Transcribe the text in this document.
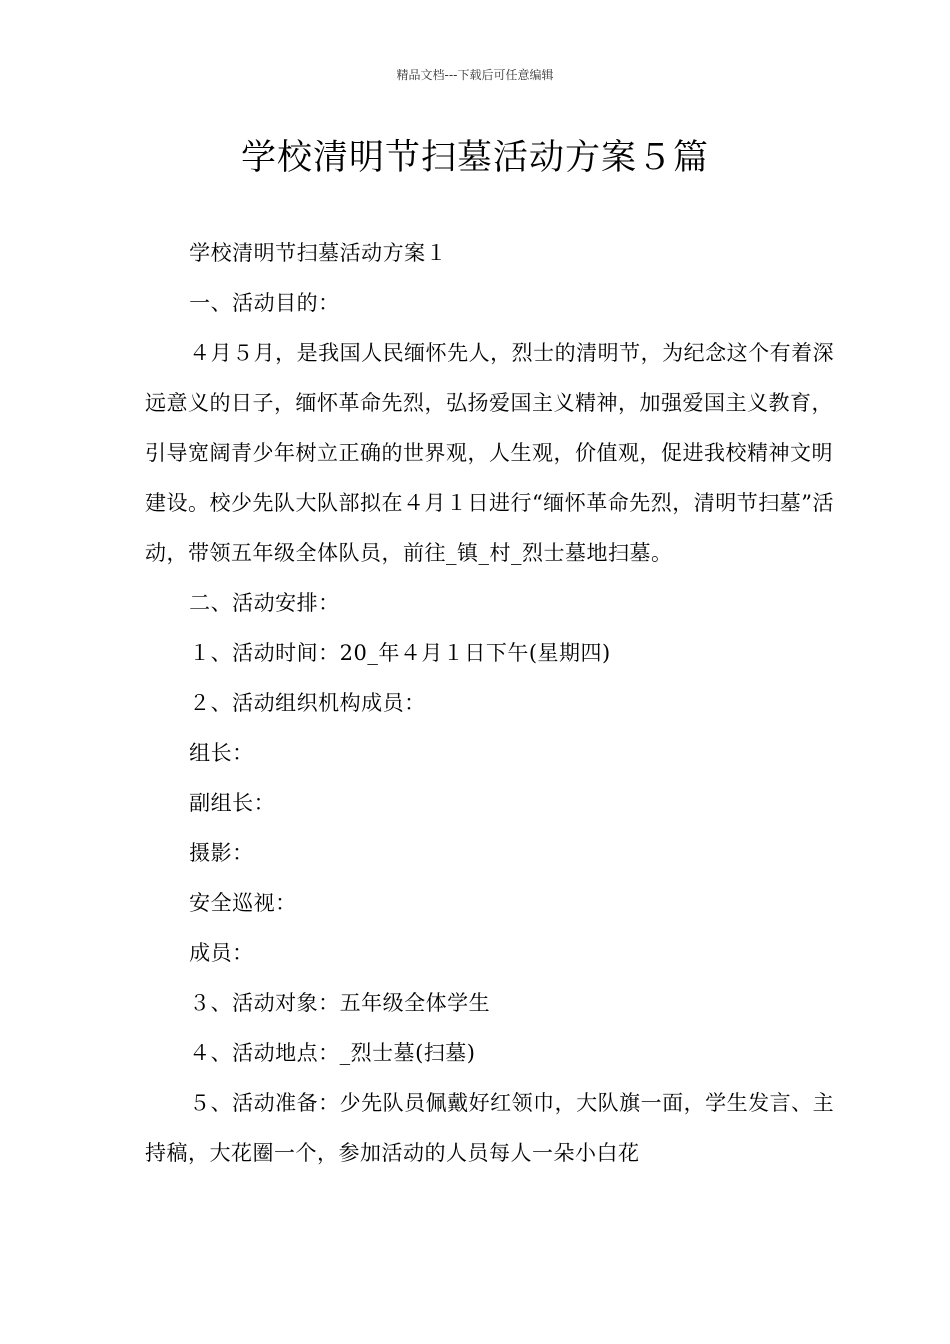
精品文档---下载后可任意编辑
学校清明节扫墓活动方案５篇

学校清明节扫墓活动方案１

一、活动目的：

４月５月，是我国人民缅怀先人，烈士的清明节，为纪念这个有着深远意义的日子，缅怀革命先烈，弘扬爱国主义精神，加强爱国主义教育，引导宽阔青少年树立正确的世界观，人生观，价值观，促进我校精神文明建设。校少先队大队部拟在４月１日进行“缅怀革命先烈，清明节扫墓”活动，带领五年级全体队员，前往_镇_村_烈士墓地扫墓。

二、活动安排：

１、活动时间：20_年４月１日下午(星期四)

２、活动组织机构成员：

组长：

副组长：

摄影：

安全巡视：

成员：

３、活动对象：五年级全体学生

４、活动地点：_烈士墓(扫墓)

５、活动准备：少先队员佩戴好红领巾，大队旗一面，学生发言、主持稿，大花圈一个，参加活动的人员每人一朵小白花
